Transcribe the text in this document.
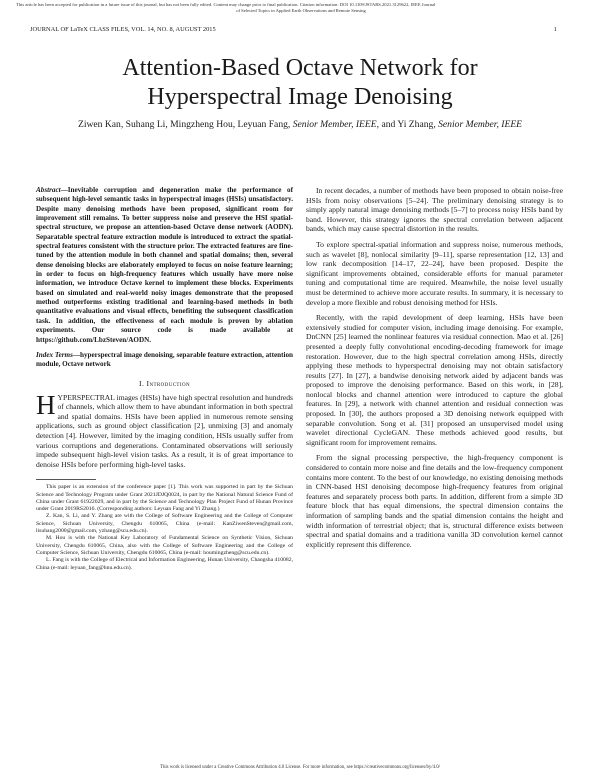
This article has been accepted for publication in a future issue of this journal, but has not been fully edited. Content may change prior to final publication. Citation information: DOI 10.1109/JSTARS.2021.3129622, IEEE Journal
of Selected Topics in Applied Earth Observations and Remote Sensing
JOURNAL OF LaTeX CLASS FILES, VOL. 14, NO. 8, AUGUST 2015	1
Attention-Based Octave Network for
Hyperspectral Image Denoising
Ziwen Kan, Suhang Li, Mingzheng Hou, Leyuan Fang, Senior Member, IEEE, and Yi Zhang, Senior Member, IEEE

Abstract—Inevitable corruption and degeneration make the performance of subsequent high-level semantic tasks in hyperspectral images (HSIs) unsatisfactory. Despite many denoising methods have been proposed, significant room for improvement still remains. To better suppress noise and preserve the HSI spatial-spectral structure, we propose an attention-based Octave dense network (AODN). Separatable spectral feature extraction module is introduced to extract the spatial-spectral features consistent with the structure prior. The extracted features are fine-tuned by the attention module in both channel and spatial domains; then, several dense denoising blocks are elaborately employed to focus on noise feature learning; in order to focus on high-frequency features which usually have more noise information, we introduce Octave kernel to implement these blocks. Experiments based on simulated and real-world noisy images demonstrate that the proposed method outperforms existing traditional and learning-based methods in both quantitative evaluations and visual effects, benefiting the subsequent classification task. In addition, the effectiveness of each module is proven by ablation experiments. Our source code is made available at https://github.com/LbzSteven/AODN.

Index Terms—hyperspectral image denoising, separable feature extraction, attention module, Octave network

I. Introduction

HYPERSPECTRAL images (HSIs) have high spectral resolution and hundreds of channels, which allow them to have abundant information in both spectral and spatial domains. HSIs have been applied in numerous remote sensing applications, such as ground object classification [2], unmixing [3] and anomaly detection [4]. However, limited by the imaging condition, HSIs usually suffer from various corruptions and degenerations. Contaminated observations will seriously impede subsequent high-level vision tasks. As a result, it is of great importance to denoise HSIs before performing high-level tasks.

This paper is an extension of the conference paper [1]. This work was supported in part by the Sichuan Science and Technology Program under Grant 2021JDJQ0024, in part by the National Natural Science Fund of China under Grant 61922029, and in part by the Science and Technology Plan Project Fund of Hunan Province under Grant 2019RS2016. (Corresponding authors: Leyuan Fang and Yi Zhang.)

Z. Kan, S. Li, and Y. Zhang are with the College of Software Engineering and the College of Computer Science, Sichuan University, Chengdu 610065, China (e-mail: KanZiwenSteven@gmail.com, lisuhang2000@gmail.com, yzhang@scu.edu.cn).

M. Hou is with the National Key Laboratory of Fundamental Science on Synthetic Vision, Sichuan University, Chengdu 610065, China, also with the College of Software Engineering and the College of Computer Science, Sichuan University, Chengdu 610065, China (e-mail: houmingzheng@scu.edu.cn).

L. Fang is with the College of Electrical and Information Engineering, Hunan University, Changsha 410082, China (e-mail: leyuan_fang@hnu.edu.cn).

In recent decades, a number of methods have been proposed to obtain noise-free HSIs from noisy observations [5–24]. The preliminary denoising strategy is to simply apply natural image denoising methods [5–7] to process noisy HSIs band by band. However, this strategy ignores the spectral correlation between adjacent bands, which may cause spectral distortion in the results.

To explore spectral-spatial information and suppress noise, numerous methods, such as wavelet [8], nonlocal similarity [9–11], sparse representation [12, 13] and low rank decomposition [14–17, 22–24], have been proposed. Despite the significant improvements obtained, considerable efforts for manual parameter tuning and computational time are required. Meanwhile, the noise level usually must be determined to achieve more accurate results. In summary, it is necessary to develop a more flexible and robust denoising method for HSIs.

Recently, with the rapid development of deep learning, HSIs have been extensively studied for computer vision, including image denoising. For example, DnCNN [25] learned the nonlinear features via residual connection. Mao et al. [26] presented a deeply fully convolutional encoding-decoding framework for image restoration. However, due to the high spectral correlation among HSIs, directly applying these methods to hyperspectral denoising may not obtain satisfactory results [27]. In [27], a bandwise denoising network aided by adjacent bands was proposed to improve the denoising performance. Based on this work, in [28], nonlocal blocks and channel attention were introduced to capture the global features. In [29], a network with channel attention and residual connection was proposed. In [30], the authors proposed a 3D denoising network equipped with separable convolution. Song et al. [31] proposed an unsupervised model using wavelet directional CycleGAN. These methods achieved good results, but significant room for improvement remains.

From the signal processing perspective, the high-frequency component is considered to contain more noise and fine details and the low-frequency component contains more content. To the best of our knowledge, no existing denoising methods in CNN-based HSI denoising decompose high-frequency features from original features and separately process both parts. In addition, different from a simple 3D feature block that has equal dimensions, the spectral dimension contains the information of sampling bands and the spatial dimension contains the height and width information of terrestrial object; that is, structural difference exists between spectral and spatial domains and a traditiona vanilla 3D convolution kernel cannot explicitly represent this difference.

This work is licensed under a Creative Commons Attribution 4.0 License. For more information, see https://creativecommons.org/licenses/by/4.0/
